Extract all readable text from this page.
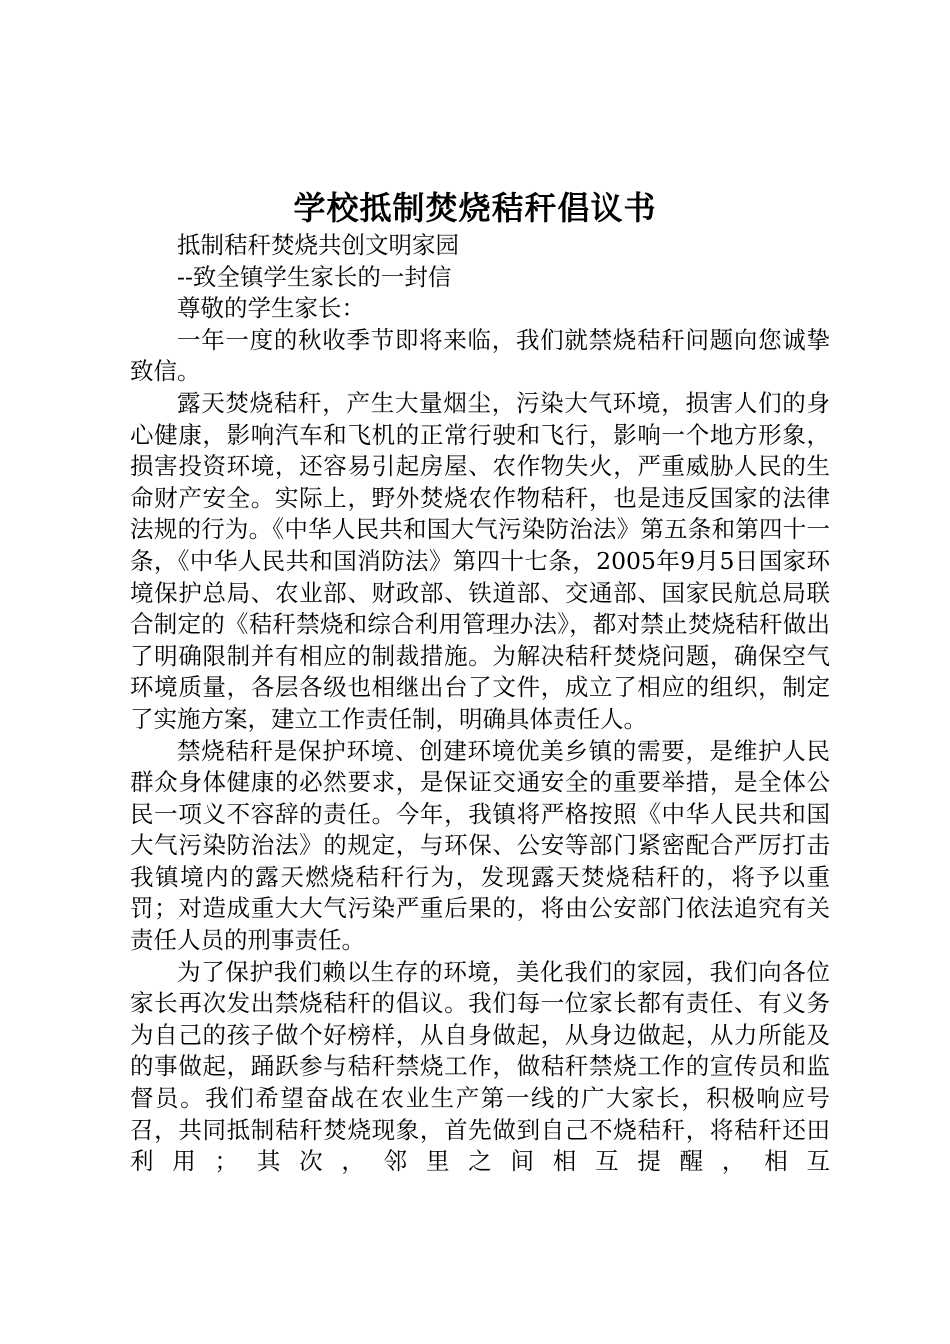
学校抵制焚烧秸秆倡议书

抵制秸秆焚烧共创文明家园

--致全镇学生家长的一封信

尊敬的学生家长：

一年一度的秋收季节即将来临，我们就禁烧秸秆问题向您诚挚致信。

露天焚烧秸秆，产生大量烟尘，污染大气环境，损害人们的身心健康，影响汽车和飞机的正常行驶和飞行，影响一个地方形象，损害投资环境，还容易引起房屋、农作物失火，严重威胁人民的生命财产安全。实际上，野外焚烧农作物秸秆，也是违反国家的法律法规的行为。《中华人民共和国大气污染防治法》第五条和第四十一条，《中华人民共和国消防法》第四十七条，2005年9月5日国家环境保护总局、农业部、财政部、铁道部、交通部、国家民航总局联合制定的《秸秆禁烧和综合利用管理办法》，都对禁止焚烧秸秆做出了明确限制并有相应的制裁措施。为解决秸秆焚烧问题，确保空气环境质量，各层各级也相继出台了文件，成立了相应的组织，制定了实施方案，建立工作责任制，明确具体责任人。

禁烧秸秆是保护环境、创建环境优美乡镇的需要，是维护人民群众身体健康的必然要求，是保证交通安全的重要举措，是全体公民一项义不容辞的责任。今年，我镇将严格按照《中华人民共和国大气污染防治法》的规定，与环保、公安等部门紧密配合严厉打击我镇境内的露天燃烧秸秆行为，发现露天焚烧秸秆的，将予以重罚；对造成重大大气污染严重后果的，将由公安部门依法追究有关责任人员的刑事责任。

为了保护我们赖以生存的环境，美化我们的家园，我们向各位家长再次发出禁烧秸秆的倡议。我们每一位家长都有责任、有义务为自己的孩子做个好榜样，从自身做起，从身边做起，从力所能及的事做起，踊跃参与秸秆禁烧工作，做秸秆禁烧工作的宣传员和监督员。我们希望奋战在农业生产第一线的广大家长，积极响应号召，共同抵制秸秆焚烧现象，首先做到自己不烧秸秆，将秸秆还田利用；其次，邻里之间相互提醒，相互
